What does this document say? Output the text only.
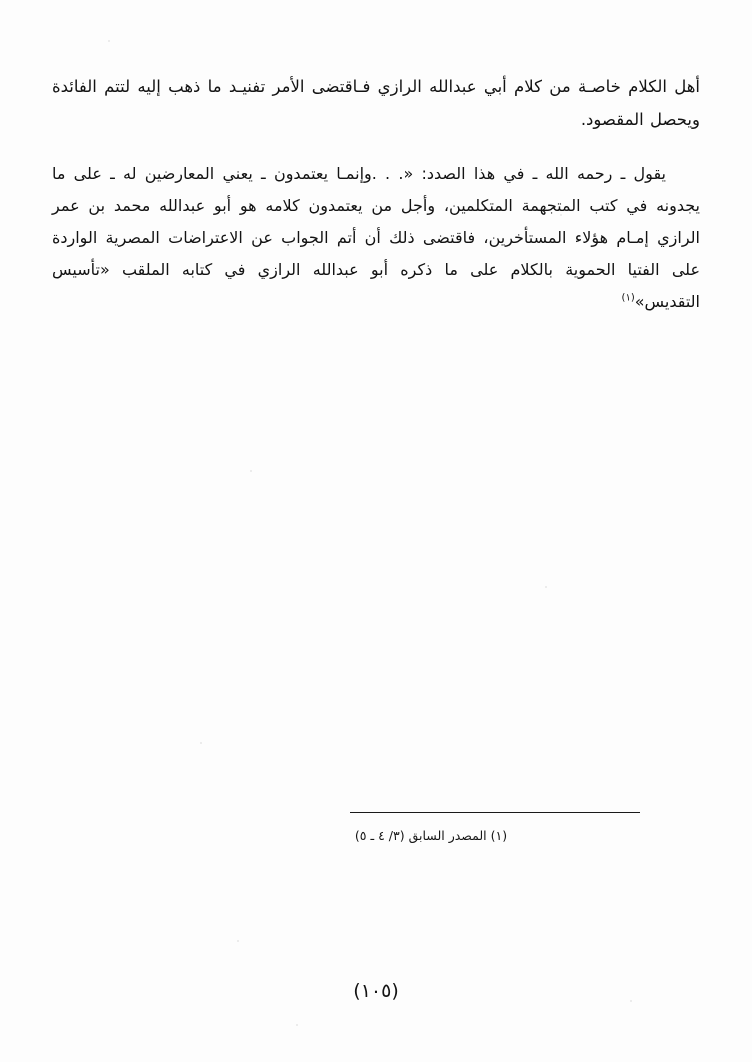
أهل الكلام خاصـة من كلام أبي عبدالله الرازي فـاقتضى الأمر تفنيـد ما ذهب إليه لتتم الفائدة ويحصل المقصود.

يقول ـ رحمه الله ـ في هذا الصدد: «. . .وإنمـا يعتمدون ـ يعني المعارضين له ـ على ما يجدونه في كتب المتجهمة المتكلمين، وأجل من يعتمدون كلامه هو أبو عبدالله محمد بن عمر الرازي إمـام هؤلاء المستأخرين، فاقتضى ذلك أن أتم الجواب عن الاعتراضات المصرية الواردة على الفتيا الحموية بالكلام على ما ذكره أبو عبدالله الرازي في كتابه الملقب «تأسيس التقديس»$^{(١)}$

(١) المصدر السابق (٣/ ٤ ـ ٥)
(١٠٥)
